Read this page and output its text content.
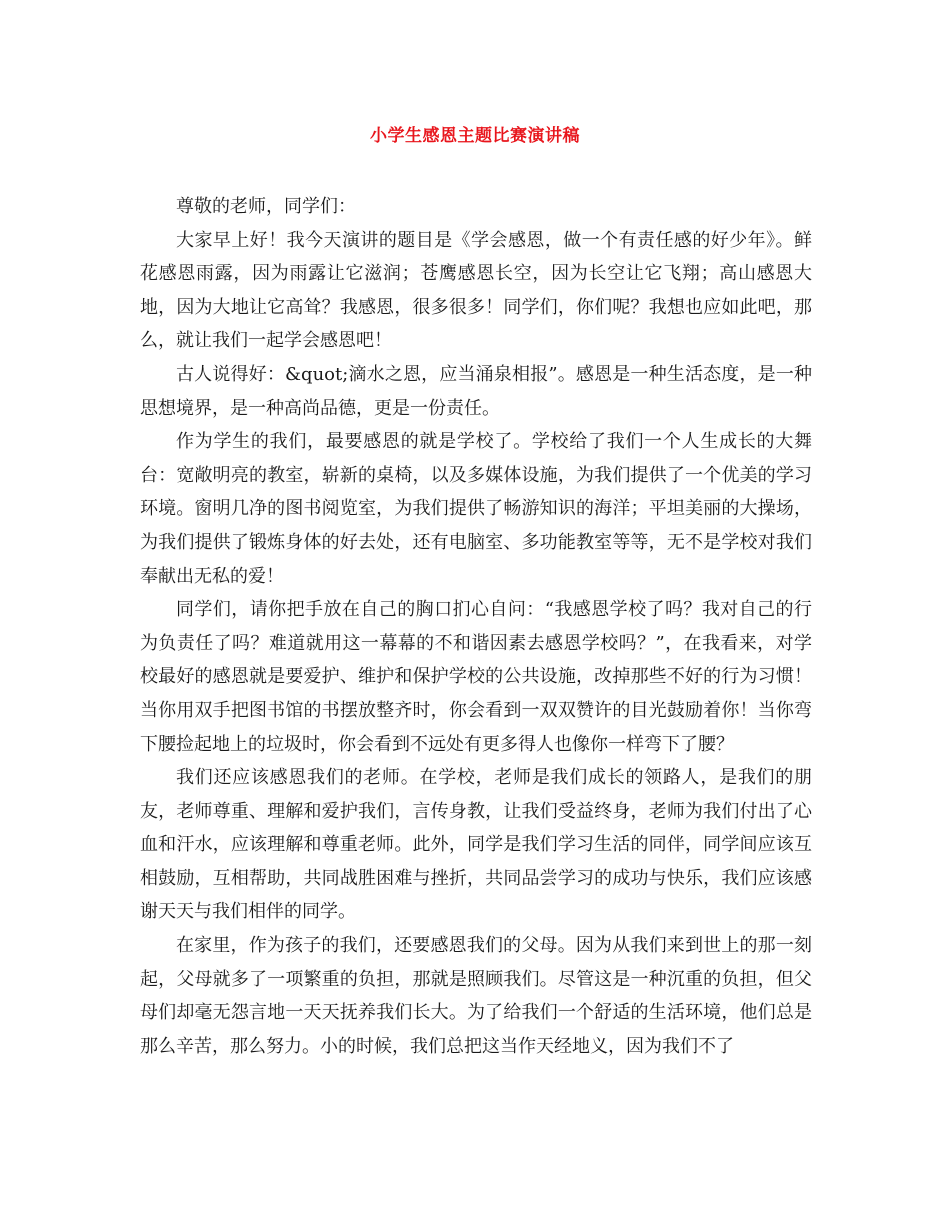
小学生感恩主题比赛演讲稿

尊敬的老师，同学们：

大家早上好！我今天演讲的题目是《学会感恩，做一个有责任感的好少年》。鲜花感恩雨露，因为雨露让它滋润；苍鹰感恩长空，因为长空让它飞翔；高山感恩大地，因为大地让它高耸？我感恩，很多很多！同学们，你们呢？我想也应如此吧，那么，就让我们一起学会感恩吧！

古人说得好：&quot;滴水之恩，应当涌泉相报”。感恩是一种生活态度，是一种思想境界，是一种高尚品德，更是一份责任。

作为学生的我们，最要感恩的就是学校了。学校给了我们一个人生成长的大舞台：宽敞明亮的教室，崭新的桌椅，以及多媒体设施，为我们提供了一个优美的学习环境。窗明几净的图书阅览室，为我们提供了畅游知识的海洋；平坦美丽的大操场，为我们提供了锻炼身体的好去处，还有电脑室、多功能教室等等，无不是学校对我们奉献出无私的爱！

同学们，请你把手放在自己的胸口扪心自问：“我感恩学校了吗？我对自己的行为负责任了吗？难道就用这一幕幕的不和谐因素去感恩学校吗？”，在我看来，对学校最好的感恩就是要爱护、维护和保护学校的公共设施，改掉那些不好的行为习惯！当你用双手把图书馆的书摆放整齐时，你会看到一双双赞许的目光鼓励着你！当你弯下腰捡起地上的垃圾时，你会看到不远处有更多得人也像你一样弯下了腰？

我们还应该感恩我们的老师。在学校，老师是我们成长的领路人，是我们的朋友，老师尊重、理解和爱护我们，言传身教，让我们受益终身，老师为我们付出了心血和汗水，应该理解和尊重老师。此外，同学是我们学习生活的同伴，同学间应该互相鼓励，互相帮助，共同战胜困难与挫折，共同品尝学习的成功与快乐，我们应该感谢天天与我们相伴的同学。

在家里，作为孩子的我们，还要感恩我们的父母。因为从我们来到世上的那一刻起，父母就多了一项繁重的负担，那就是照顾我们。尽管这是一种沉重的负担，但父母们却毫无怨言地一天天抚养我们长大。为了给我们一个舒适的生活环境，他们总是那么辛苦，那么努力。小的时候，我们总把这当作天经地义，因为我们不了
